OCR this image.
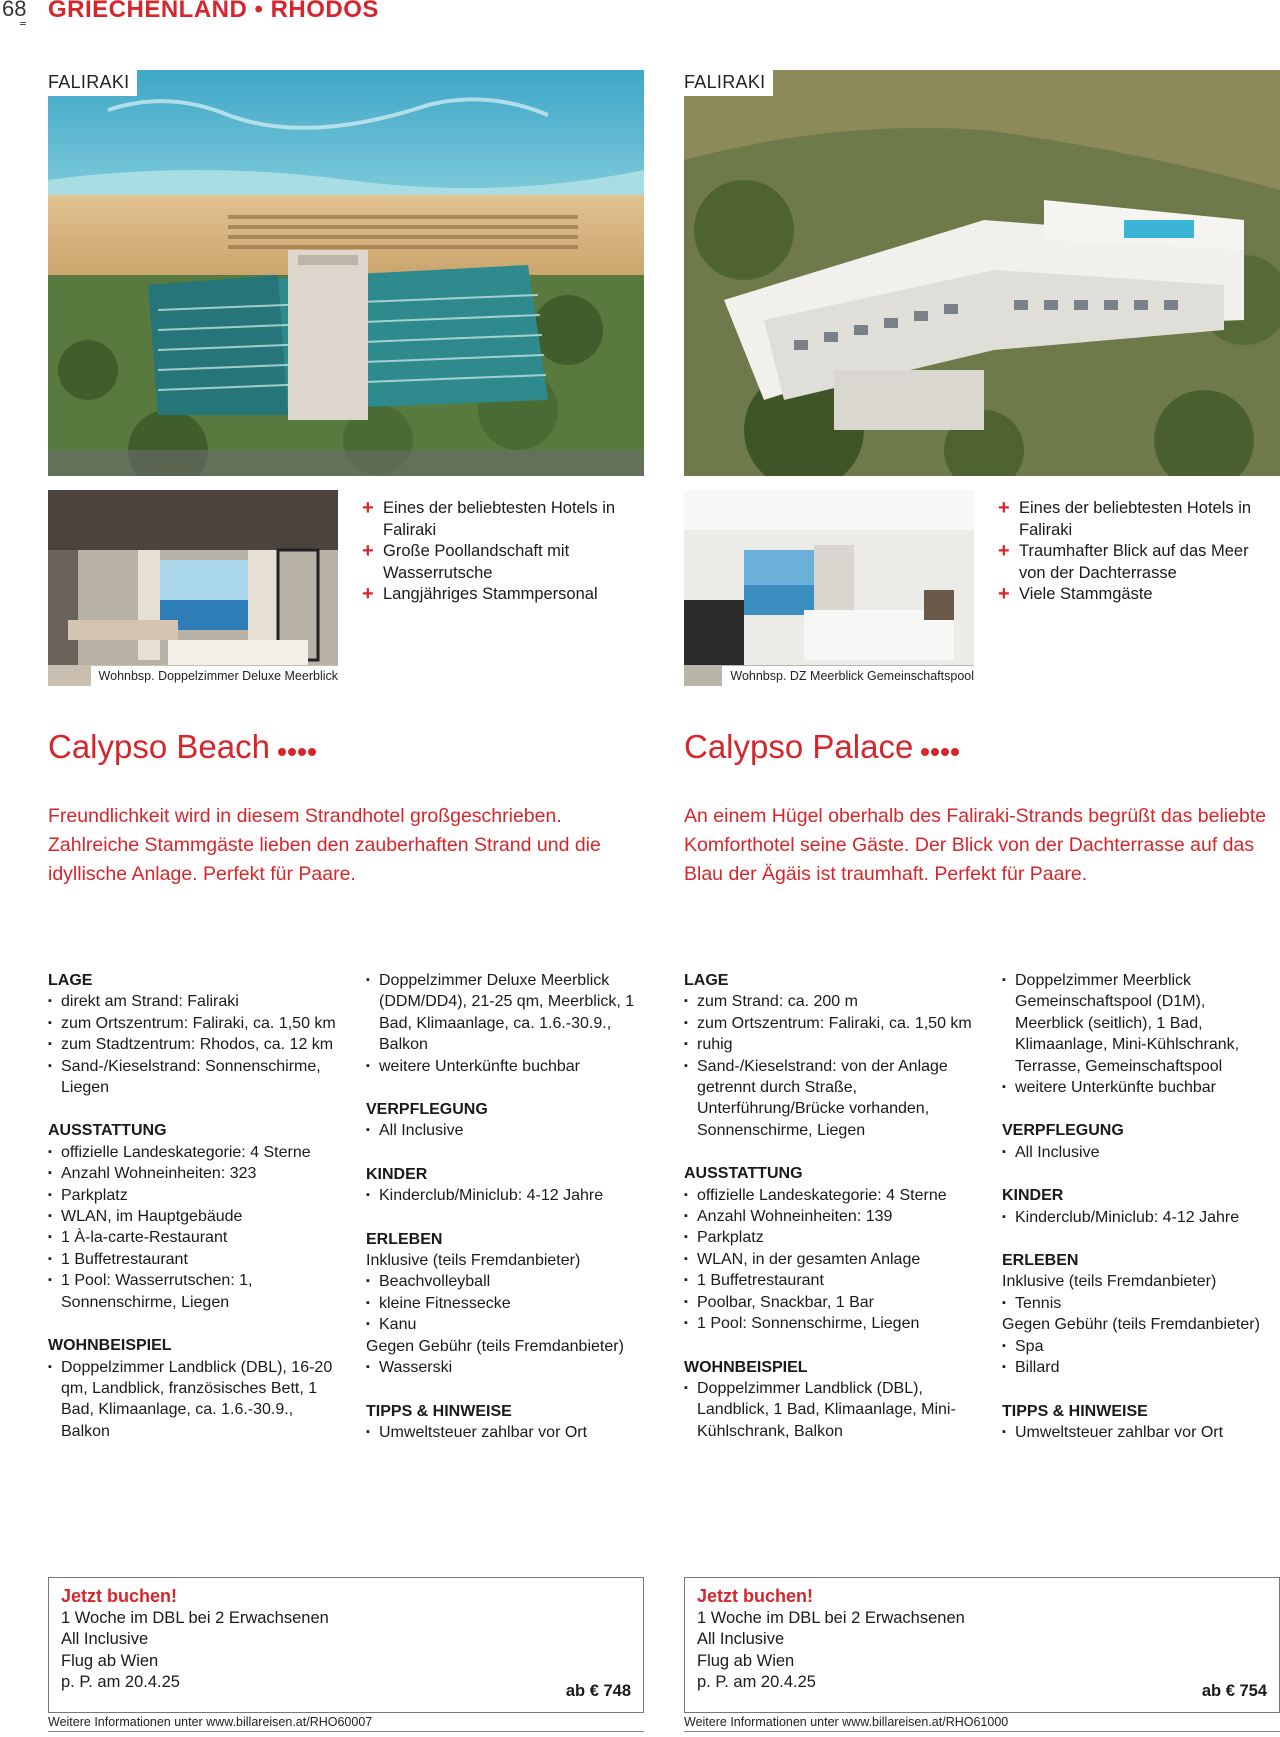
68 GRIECHENLAND • RHODOS
FALIRAKI
Wohnbsp. Doppelzimmer Deluxe Meerblick
+ Eines der beliebtesten Hotels in Faliraki
+ Große Poollandschaft mit Wasserrutsche
+ Langjähriges Stammpersonal
Calypso Beach
Freundlichkeit wird in diesem Strandhotel großgeschrieben. Zahlreiche Stammgäste lieben den zauberhaften Strand und die idyllische Anlage. Perfekt für Paare.

LAGE

▪ direkt am Strand: Faliraki
▪ zum Ortszentrum: Faliraki, ca. 1,50 km
▪ zum Stadtzentrum: Rhodos, ca. 12 km
▪ Sand-/Kieselstrand: Sonnenschirme, Liegen

AUSSTATTUNG

▪ offizielle Landeskategorie: 4 Sterne
▪ Anzahl Wohneinheiten: 323
▪ Parkplatz
▪ WLAN, im Hauptgebäude
▪ 1 À-la-carte-Restaurant
▪ 1 Buffetrestaurant
▪ 1 Pool: Wasserrutschen: 1, Sonnenschirme, Liegen

WOHNBEISPIEL

▪ Doppelzimmer Landblick (DBL), 16-20 qm, Landblick, französisches Bett, 1 Bad, Klimaanlage, ca. 1.6.-30.9., Balkon
▪ Doppelzimmer Deluxe Meerblick (DDM/DD4), 21-25 qm, Meerblick, 1 Bad, Klimaanlage, ca. 1.6.-30.9., Balkon
▪ weitere Unterkünfte buchbar

VERPFLEGUNG

▪ All Inclusive

KINDER

▪ Kinderclub/Miniclub: 4-12 Jahre

ERLEBEN

Inklusive (teils Fremdanbieter)

▪ Beachvolleyball
▪ kleine Fitnessecke
▪ Kanu

Gegen Gebühr (teils Fremdanbieter)

▪ Wasserski

TIPPS & HINWEISE

▪ Umweltsteuer zahlbar vor Ort
Jetzt buchen!
1 Woche im DBL bei 2 Erwachsenen
All Inclusive
Flug ab Wien
p. P. am 20.4.25	ab € 748
Weitere Informationen unter www.billareisen.at/RHO60007
FALIRAKI
Wohnbsp. DZ Meerblick Gemeinschaftspool
+ Eines der beliebtesten Hotels in Faliraki
+ Traumhafter Blick auf das Meer von der Dachterrasse
+ Viele Stammgäste
Calypso Palace
An einem Hügel oberhalb des Faliraki-Strands begrüßt das beliebte Komforthotel seine Gäste. Der Blick von der Dachterrasse auf das Blau der Ägäis ist traumhaft. Perfekt für Paare.

LAGE

▪ zum Strand: ca. 200 m
▪ zum Ortszentrum: Faliraki, ca. 1,50 km
▪ ruhig
▪ Sand-/Kieselstrand: von der Anlage getrennt durch Straße, Unterführung/Brücke vorhanden, Sonnenschirme, Liegen

AUSSTATTUNG

▪ offizielle Landeskategorie: 4 Sterne
▪ Anzahl Wohneinheiten: 139
▪ Parkplatz
▪ WLAN, in der gesamten Anlage
▪ 1 Buffetrestaurant
▪ Poolbar, Snackbar, 1 Bar
▪ 1 Pool: Sonnenschirme, Liegen

WOHNBEISPIEL

▪ Doppelzimmer Landblick (DBL), Landblick, 1 Bad, Klimaanlage, Mini-Kühlschrank, Balkon
▪ Doppelzimmer Meerblick Gemeinschaftspool (D1M), Meerblick (seitlich), 1 Bad, Klimaanlage, Mini-Kühlschrank, Terrasse, Gemeinschaftspool
▪ weitere Unterkünfte buchbar

VERPFLEGUNG

▪ All Inclusive

KINDER

▪ Kinderclub/Miniclub: 4-12 Jahre

ERLEBEN

Inklusive (teils Fremdanbieter)

▪ Tennis

Gegen Gebühr (teils Fremdanbieter)

▪ Spa
▪ Billard

TIPPS & HINWEISE

▪ Umweltsteuer zahlbar vor Ort
Jetzt buchen!
1 Woche im DBL bei 2 Erwachsenen
All Inclusive
Flug ab Wien
p. P. am 20.4.25	ab € 754
Weitere Informationen unter www.billareisen.at/RHO61000
